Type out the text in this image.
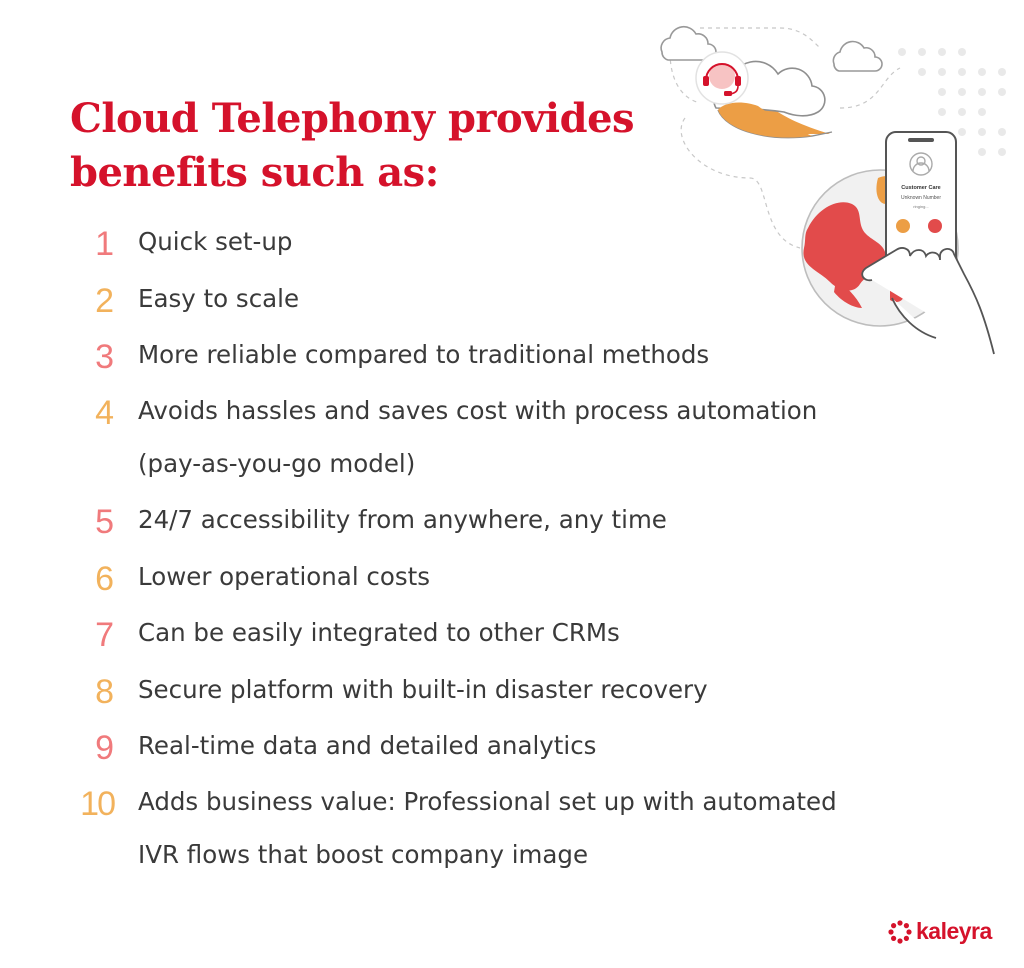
Cloud Telephony provides
benefits such as:	Customer Care
Unknown Number
ringing...
1 Quick set-up
2 Easy to scale
3 More reliable compared to traditional methods
4 Avoids hassles and saves cost with process automation
(pay-as-you-go model)
5 24/7 accessibility from anywhere, any time
6 Lower operational costs
7 Can be easily integrated to other CRMs
8 Secure platform with built-in disaster recovery
9 Real-time data and detailed analytics
10 Adds business value: Professional set up with automated
IVR flows that boost company image
kaleyra
